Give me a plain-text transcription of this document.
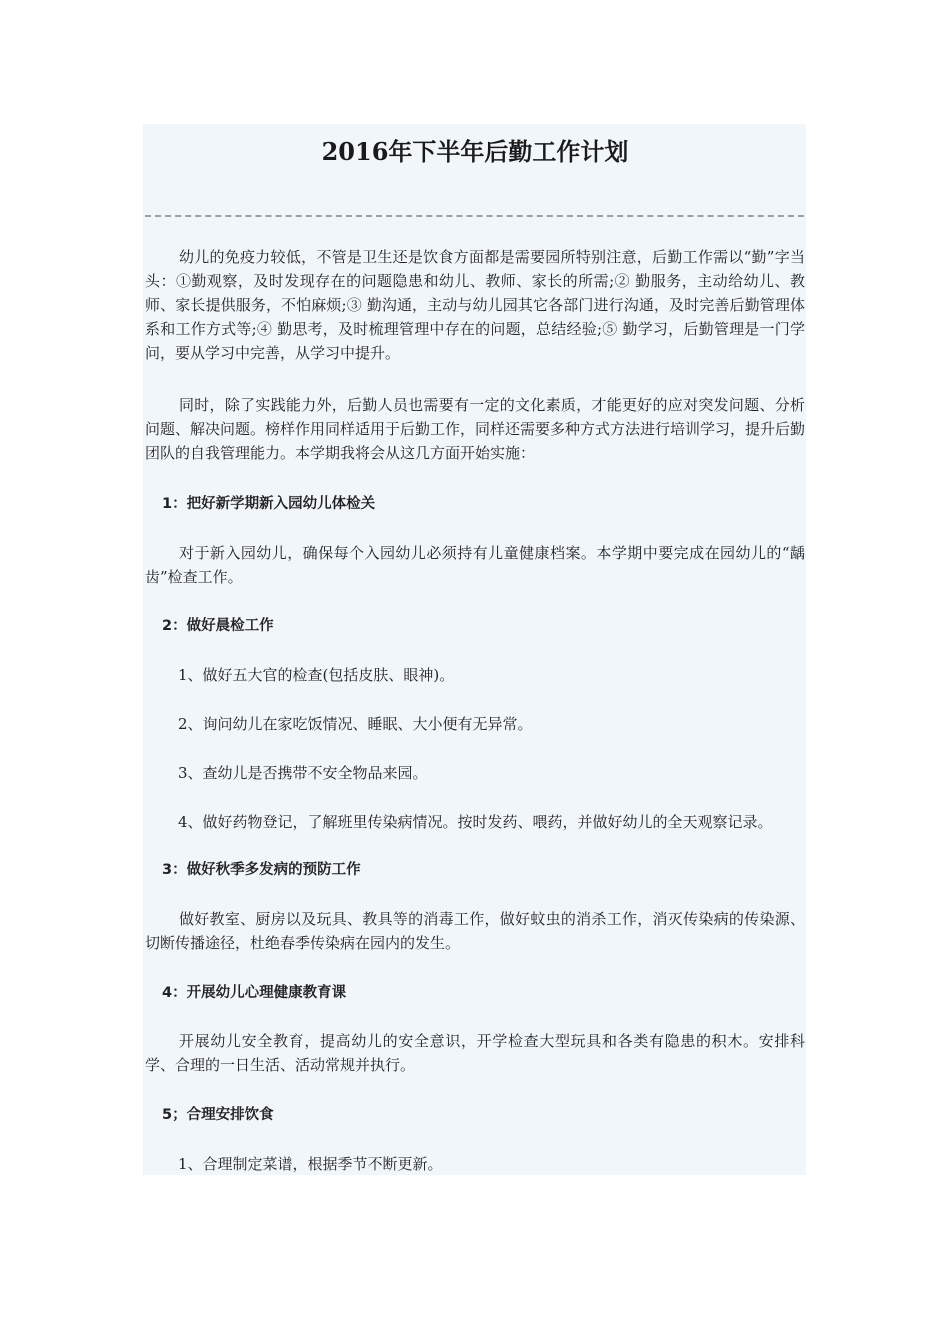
2016年下半年后勤工作计划

幼儿的免疫力较低，不管是卫生还是饮食方面都是需要园所特别注意，后勤工作需以“勤”字当头：①勤观察，及时发现存在的问题隐患和幼儿、教师、家长的所需;② 勤服务，主动给幼儿、教师、家长提供服务，不怕麻烦;③ 勤沟通，主动与幼儿园其它各部门进行沟通，及时完善后勤管理体系和工作方式等;④ 勤思考，及时梳理管理中存在的问题，总结经验;⑤ 勤学习，后勤管理是一门学问，要从学习中完善，从学习中提升。

同时，除了实践能力外，后勤人员也需要有一定的文化素质，才能更好的应对突发问题、分析问题、解决问题。榜样作用同样适用于后勤工作，同样还需要多种方式方法进行培训学习，提升后勤团队的自我管理能力。本学期我将会从这几方面开始实施：

1：把好新学期新入园幼儿体检关

对于新入园幼儿，确保每个入园幼儿必须持有儿童健康档案。本学期中要完成在园幼儿的“龋齿”检查工作。

2：做好晨检工作

1、做好五大官的检查(包括皮肤、眼神)。

2、询问幼儿在家吃饭情况、睡眠、大小便有无异常。

3、查幼儿是否携带不安全物品来园。

4、做好药物登记，了解班里传染病情况。按时发药、喂药，并做好幼儿的全天观察记录。

3：做好秋季多发病的预防工作

做好教室、厨房以及玩具、教具等的消毒工作，做好蚊虫的消杀工作，消灭传染病的传染源、切断传播途径，杜绝春季传染病在园内的发生。

4：开展幼儿心理健康教育课

开展幼儿安全教育，提高幼儿的安全意识，开学检查大型玩具和各类有隐患的积木。安排科学、合理的一日生活、活动常规并执行。

5；合理安排饮食

1、合理制定菜谱，根据季节不断更新。
